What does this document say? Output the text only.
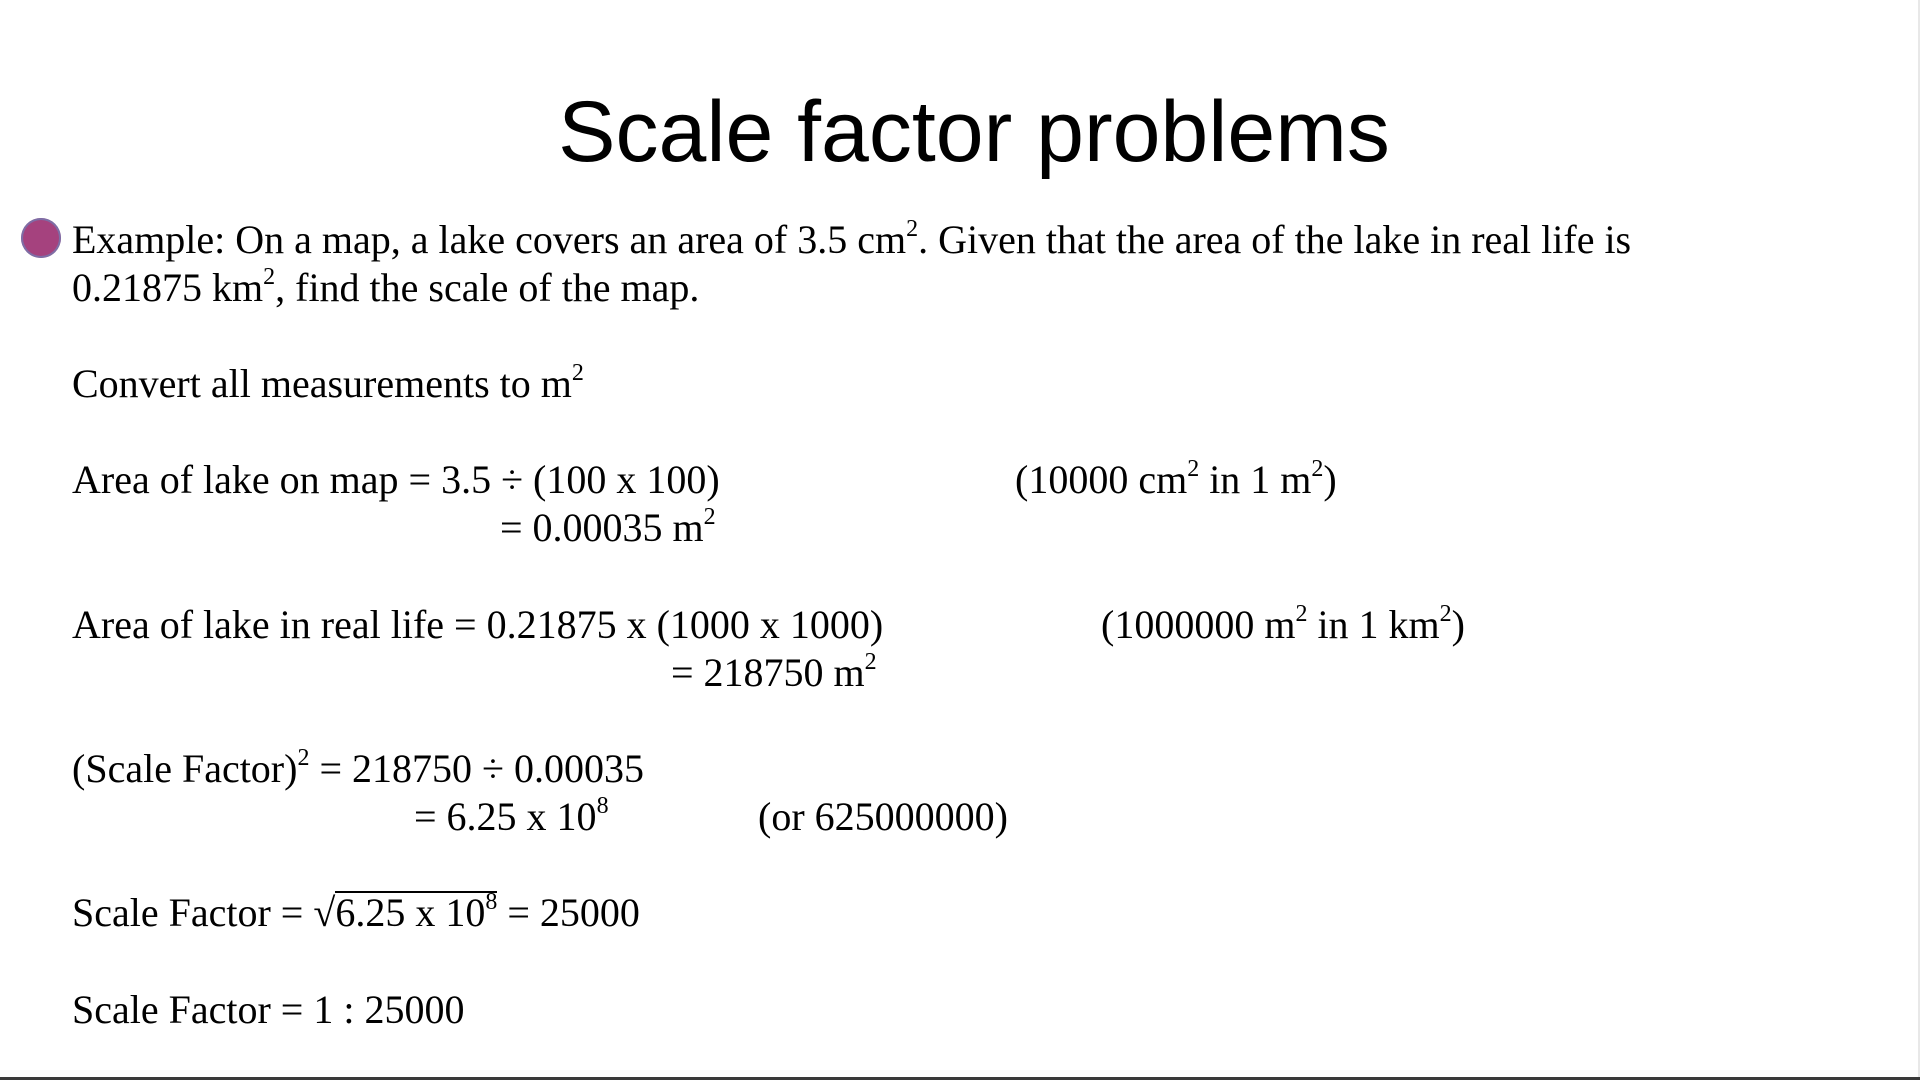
Scale factor problems

Example: On a map, a lake covers an area of 3.5 $cm^2$. Given that the area of the lake in real life is

0.21875 $km^2$, find the scale of the map.

Convert all measurements to $m^2$

Area of lake on map = 3.5 ÷ (100 x 100)	(10000 $cm^2$ in 1 $m^2$)

= 0.00035 $m^2$

Area of lake in real life = 0.21875 x (1000 x 1000)	(1000000 $m^2$ in 1 $km^2$)

= 218750 $m^2$

(Scale Factor)$^2$ = 218750 ÷ 0.00035

= 6.25 x $10^8$	(or 625000000)

Scale Factor = √6.25 x $10^8 = 25000$

Scale Factor = 1 : 25000
